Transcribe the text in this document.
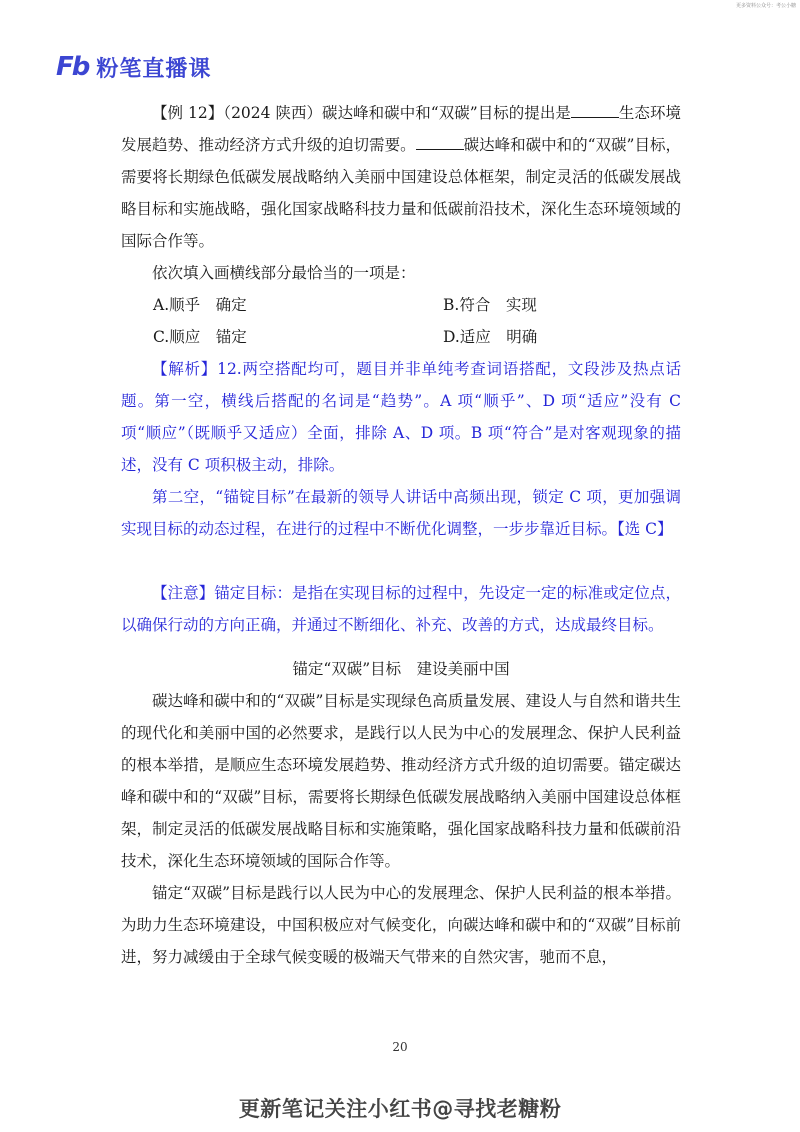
更多资料公众号：考公小糖
Fb 粉笔直播课

【例 12】（2024 陕西）碳达峰和碳中和“双碳”目标的提出是	生态环境发展趋势、推动经济方式升级的迫切需要。	碳达峰和碳中和的“双碳”目标，需要将长期绿色低碳发展战略纳入美丽中国建设总体框架，制定灵活的低碳发展战略目标和实施战略，强化国家战略科技力量和低碳前沿技术，深化生态环境领域的国际合作等。

依次填入画横线部分最恰当的一项是：

A.顺乎　确定	B.符合　实现
C.顺应　锚定	D.适应　明确

【解析】12.两空搭配均可，题目并非单纯考查词语搭配，文段涉及热点话题。第一空，横线后搭配的名词是“趋势”。A 项“顺乎”、D 项“适应”没有 C 项“顺应”（既顺乎又适应）全面，排除 A、D 项。B 项“符合”是对客观现象的描述，没有 C 项积极主动，排除。

第二空，“锚锭目标”在最新的领导人讲话中高频出现，锁定 C 项，更加强调实现目标的动态过程，在进行的过程中不断优化调整，一步步靠近目标。【选 C】

【注意】锚定目标：是指在实现目标的过程中，先设定一定的标准或定位点，以确保行动的方向正确，并通过不断细化、补充、改善的方式，达成最终目标。

锚定“双碳”目标　建设美丽中国

碳达峰和碳中和的“双碳”目标是实现绿色高质量发展、建设人与自然和谐共生的现代化和美丽中国的必然要求，是践行以人民为中心的发展理念、保护人民利益的根本举措，是顺应生态环境发展趋势、推动经济方式升级的迫切需要。锚定碳达峰和碳中和的“双碳”目标，需要将长期绿色低碳发展战略纳入美丽中国建设总体框架，制定灵活的低碳发展战略目标和实施策略，强化国家战略科技力量和低碳前沿技术，深化生态环境领域的国际合作等。

锚定“双碳”目标是践行以人民为中心的发展理念、保护人民利益的根本举措。为助力生态环境建设，中国积极应对气候变化，向碳达峰和碳中和的“双碳”目标前进，努力减缓由于全球气候变暖的极端天气带来的自然灾害，驰而不息，

20
更新笔记关注小红书@寻找老糖粉
